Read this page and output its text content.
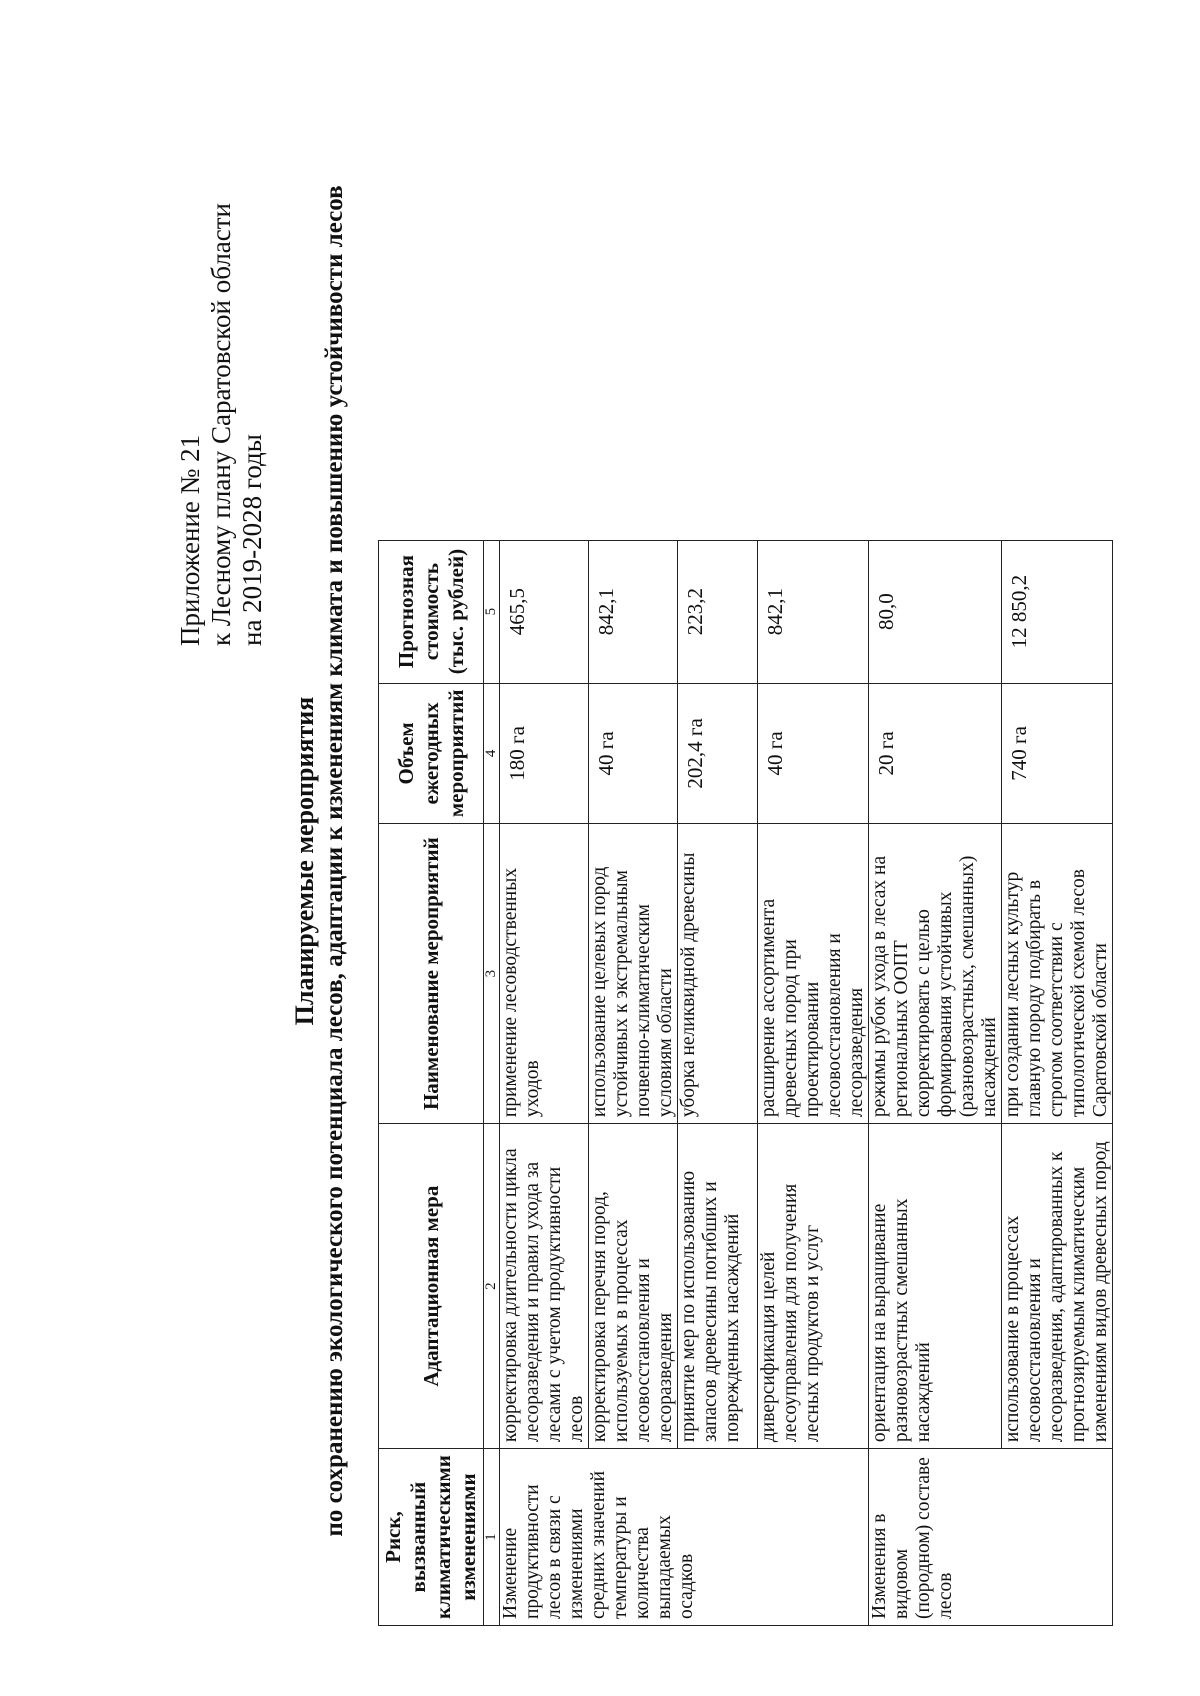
Приложение № 21 к Лесному плану Саратовской области на 2019-2028 годы
Планируемые мероприятия по сохранению экологического потенциала лесов, адаптации к изменениям климата и повышению устойчивости лесов
Риск, вызванный климатическими изменениями	Адаптационная мера	Наименование мероприятий	Объем ежегодных мероприятий	Прогнозная стоимость (тыс. рублей)
1	2	3	4	5
Изменение продуктивности лесов в связи с изменениями средних значений температуры и количества выпадаемых осадков	корректировка длительности цикла лесоразведения и правил ухода за лесами с учетом продуктивности лесов	применение лесоводственных уходов	180 га	465,5
	корректировка перечня пород, используемых в процессах лесовосстановления и лесоразведения	использование целевых пород устойчивых к экстремальным почвенно-климатическим условиям области	40 га	842,1
	принятие мер по использованию запасов древесины погибших и поврежденных насаждений	уборка неликвидной древесины	202,4 га	223,2
	диверсификация целей лесоуправления для получения лесных продуктов и услуг	расширение ассортимента древесных пород при проектировании лесовосстановления и лесоразведения	40 га	842,1
Изменения в видовом (породном) составе лесов	ориентация на выращивание разновозрастных смешанных насаждений	режимы рубок ухода в лесах на региональных ООПТ скорректировать с целью формирования устойчивых (разновозрастных, смешанных) насаждений	20 га	80,0
	использование в процессах лесовосстановления и лесоразведения, адаптированных к прогнозируемым климатическим изменениям видов древесных пород	при создании лесных культур главную породу подбирать в строгом соответствии с типологической схемой лесов Саратовской области	740 га	12 850,2
